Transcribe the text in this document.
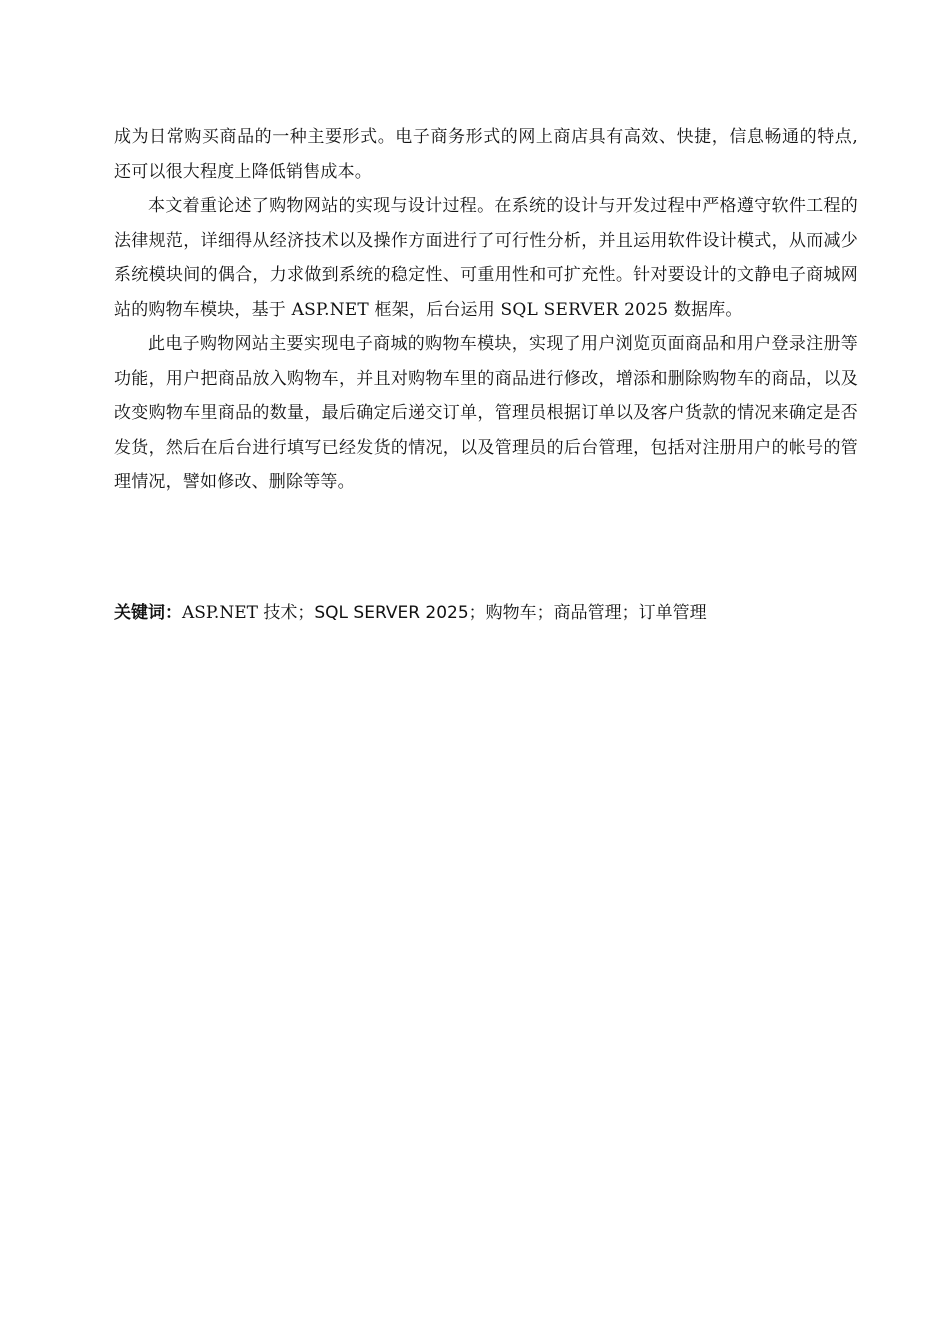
成为日常购买商品的一种主要形式。电子商务形式的网上商店具有高效、快捷，信息畅通的特点,还可以很大程度上降低销售成本。

本文着重论述了购物网站的实现与设计过程。在系统的设计与开发过程中严格遵守软件工程的法律规范，详细得从经济技术以及操作方面进行了可行性分析，并且运用软件设计模式，从而减少系统模块间的偶合，力求做到系统的稳定性、可重用性和可扩充性。针对要设计的文静电子商城网站的购物车模块，基于 ASP.NET 框架，后台运用 SQL SERVER 2025 数据库。

此电子购物网站主要实现电子商城的购物车模块，实现了用户浏览页面商品和用户登录注册等功能，用户把商品放入购物车，并且对购物车里的商品进行修改，增添和删除购物车的商品，以及改变购物车里商品的数量，最后确定后递交订单，管理员根据订单以及客户货款的情况来确定是否发货，然后在后台进行填写已经发货的情况，以及管理员的后台管理，包括对注册用户的帐号的管理情况，譬如修改、删除等等。

关键词：ASP.NET 技术；SQL SERVER 2025；购物车；商品管理；订单管理
